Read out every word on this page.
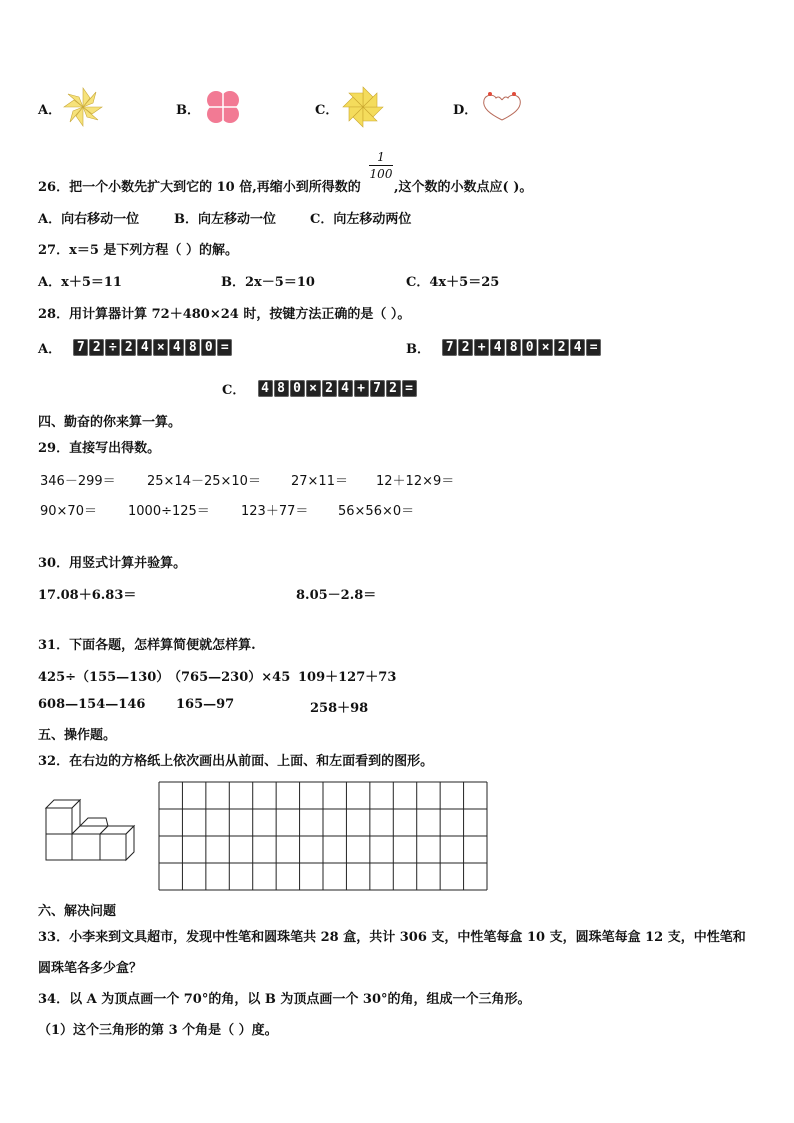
A．	B．	C．	D．
26．把一个小数先扩大到它的 10 倍,再缩小到所得数的
1
100
,这个数的小数点应( )。
A．向右移动一位	B．向左移动一位	C．向左移动两位
27．x＝5 是下列方程（ ）的解。
A．x＋5＝11	B．2x－5＝10	C．4x＋5＝25
28．用计算器计算 72＋480×24 时，按键方法正确的是（ ）。
A． 7 2 ÷ 2 4 × 4 8 0 =	B． 7 2 + 4 8 0 × 2 4 =
C． 4 8 0 × 2 4 + 7 2 =
四、勤奋的你来算一算。
29．直接写出得数。
346－299＝ 25×14－25×10＝ 27×11＝ 12＋12×9＝
90×70＝ 1000÷125＝ 123＋77＝ 56×56×0＝
30．用竖式计算并验算。
17.08＋6.83＝	8.05－2.8＝
31．下面各题，怎样算简便就怎样算.
425÷（155—130）
（765—230）×45 109＋127＋73
608—154—146 165—97	258＋98
五、操作题。
32．在右边的方格纸上依次画出从前面、上面、和左面看到的图形。
六、解决问题
33．小李来到文具超市，发现中性笔和圆珠笔共 28 盒，共计 306 支，中性笔每盒 10 支，圆珠笔每盒 12 支，中性笔和
圆珠笔各多少盒？
34．以 A 为顶点画一个 70°的角，以 B 为顶点画一个 30°的角，组成一个三角形。
（1）这个三角形的第 3 个角是（ ）度。
